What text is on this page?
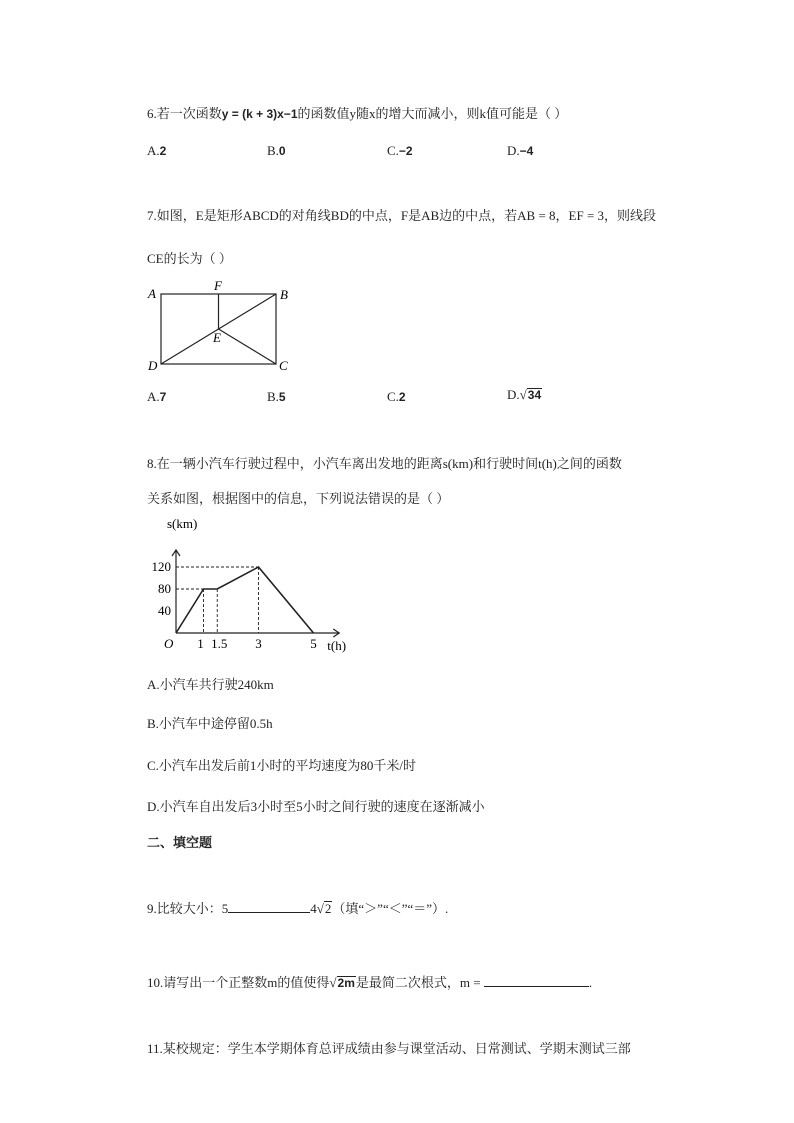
6.若一次函数y = (k + 3)x−1的函数值y随x的增大而减小，则k值可能是（ ）
A.2	B.0	C.−2	D.−4
7.如图，E是矩形ABCD的对角线BD的中点，F是AB边的中点，若AB = 8，EF = 3，则线段
CE的长为（ ）
A	B
C
D
E
F
A.7	B.5	C.2	D.√34
8.在一辆小汽车行驶过程中，小汽车离出发地的距离s(km)和行驶时间t(h)之间的函数
关系如图，根据图中的信息，下列说法错误的是（ ）
1 1.5 3	5
40
80
120
O
s(km)
t(h)
A.小汽车共行驶240km
B.小汽车中途停留0.5h
C.小汽车出发后前1小时的平均速度为80千米/时
D.小汽车自出发后3小时至5小时之间行驶的速度在逐渐减小
二、填空题
9.比较大小：5	4√2（填“＞”“＜”“＝”）.
10.请写出一个正整数m的值使得√2m是最简二次根式，m =	.
11.某校规定：学生本学期体育总评成绩由参与课堂活动、日常测试、学期末测试三部
